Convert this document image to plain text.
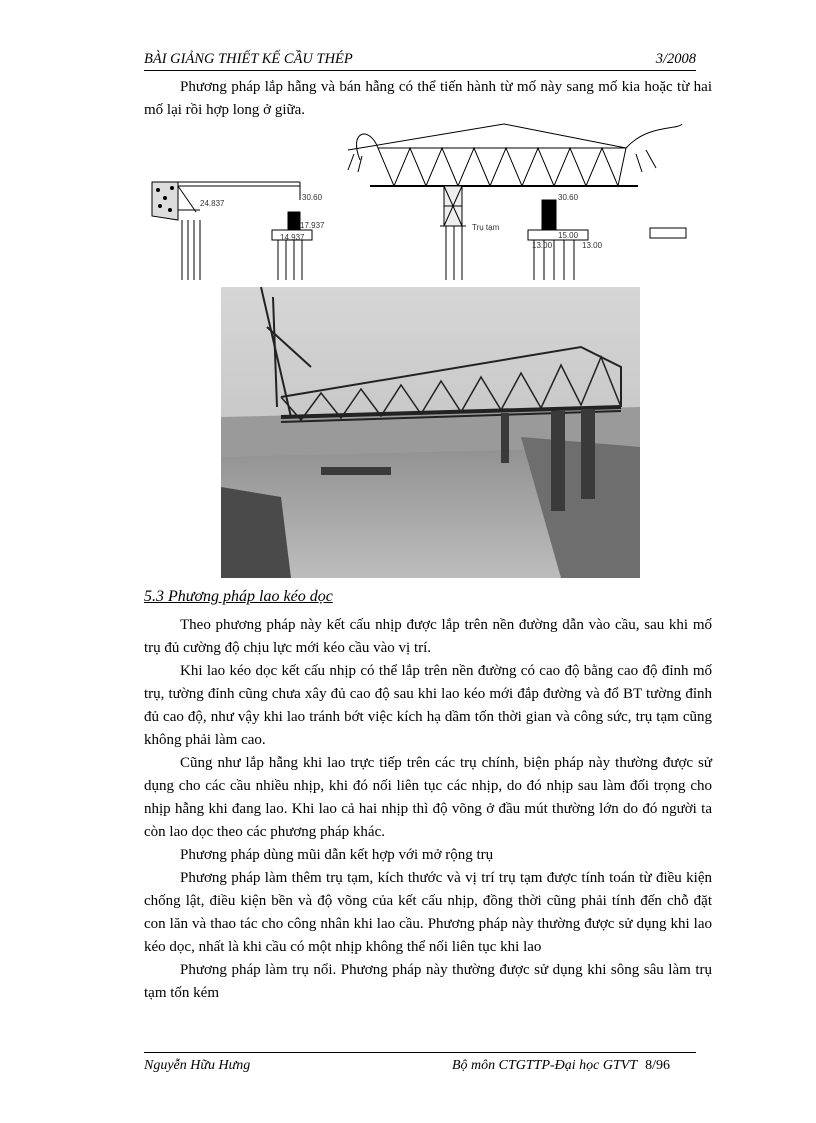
BÀI GIẢNG THIẾT KẾ CẦU THÉP	3/2008

Phương pháp lắp hẫng và bán hẫng có thể tiến hành từ mố này sang mố kia hoặc từ hai mố lại rồi hợp long ở giữa.

24.837
30.60
17.937
14.937
30.60
Trụ tạm
15.00
13.00	13.00
5.3 Phương pháp lao kéo dọc

Theo phương pháp này kết cấu nhịp được lắp trên nền đường dẫn vào cầu, sau khi mố trụ đủ cường độ chịu lực mới kéo cầu vào vị trí.

Khi lao kéo dọc kết cấu nhịp có thể lắp trên nền đường có cao độ bằng cao độ đỉnh mố trụ, tường đỉnh cũng chưa xây đủ cao độ sau khi lao kéo mới đắp đường và đổ BT tường đỉnh đủ cao độ, như vậy khi lao tránh bớt việc kích hạ dầm tốn thời gian và công sức, trụ tạm cũng không phải làm cao.

Cũng như lắp hẫng khi lao trực tiếp trên các trụ chính, biện pháp này thường được sử dụng cho các cầu nhiều nhịp, khi đó nối liên tục các nhịp, do đó nhịp sau làm đối trọng cho nhịp hẫng khi đang lao. Khi lao cả hai nhịp thì độ võng ở đầu mút thường lớn do đó người ta còn lao dọc theo các phương pháp khác.

Phương pháp dùng mũi dẫn kết hợp với mở rộng trụ

Phương pháp làm thêm trụ tạm, kích thước và vị trí trụ tạm được tính toán từ điều kiện chống lật, điều kiện bền và độ võng của kết cấu nhịp, đồng thời cũng phải tính đến chỗ đặt con lăn và thao tác cho công nhân khi lao cầu. Phương pháp này thường được sử dụng khi lao kéo dọc, nhất là khi cầu có một nhịp không thể nối liên tục khi lao

Phương pháp làm trụ nổi. Phương pháp này thường được sử dụng khi sông sâu làm trụ tạm tốn kém

Nguyễn Hữu Hưng	Bộ môn CTGTTP-Đại học GTVT 8/96
